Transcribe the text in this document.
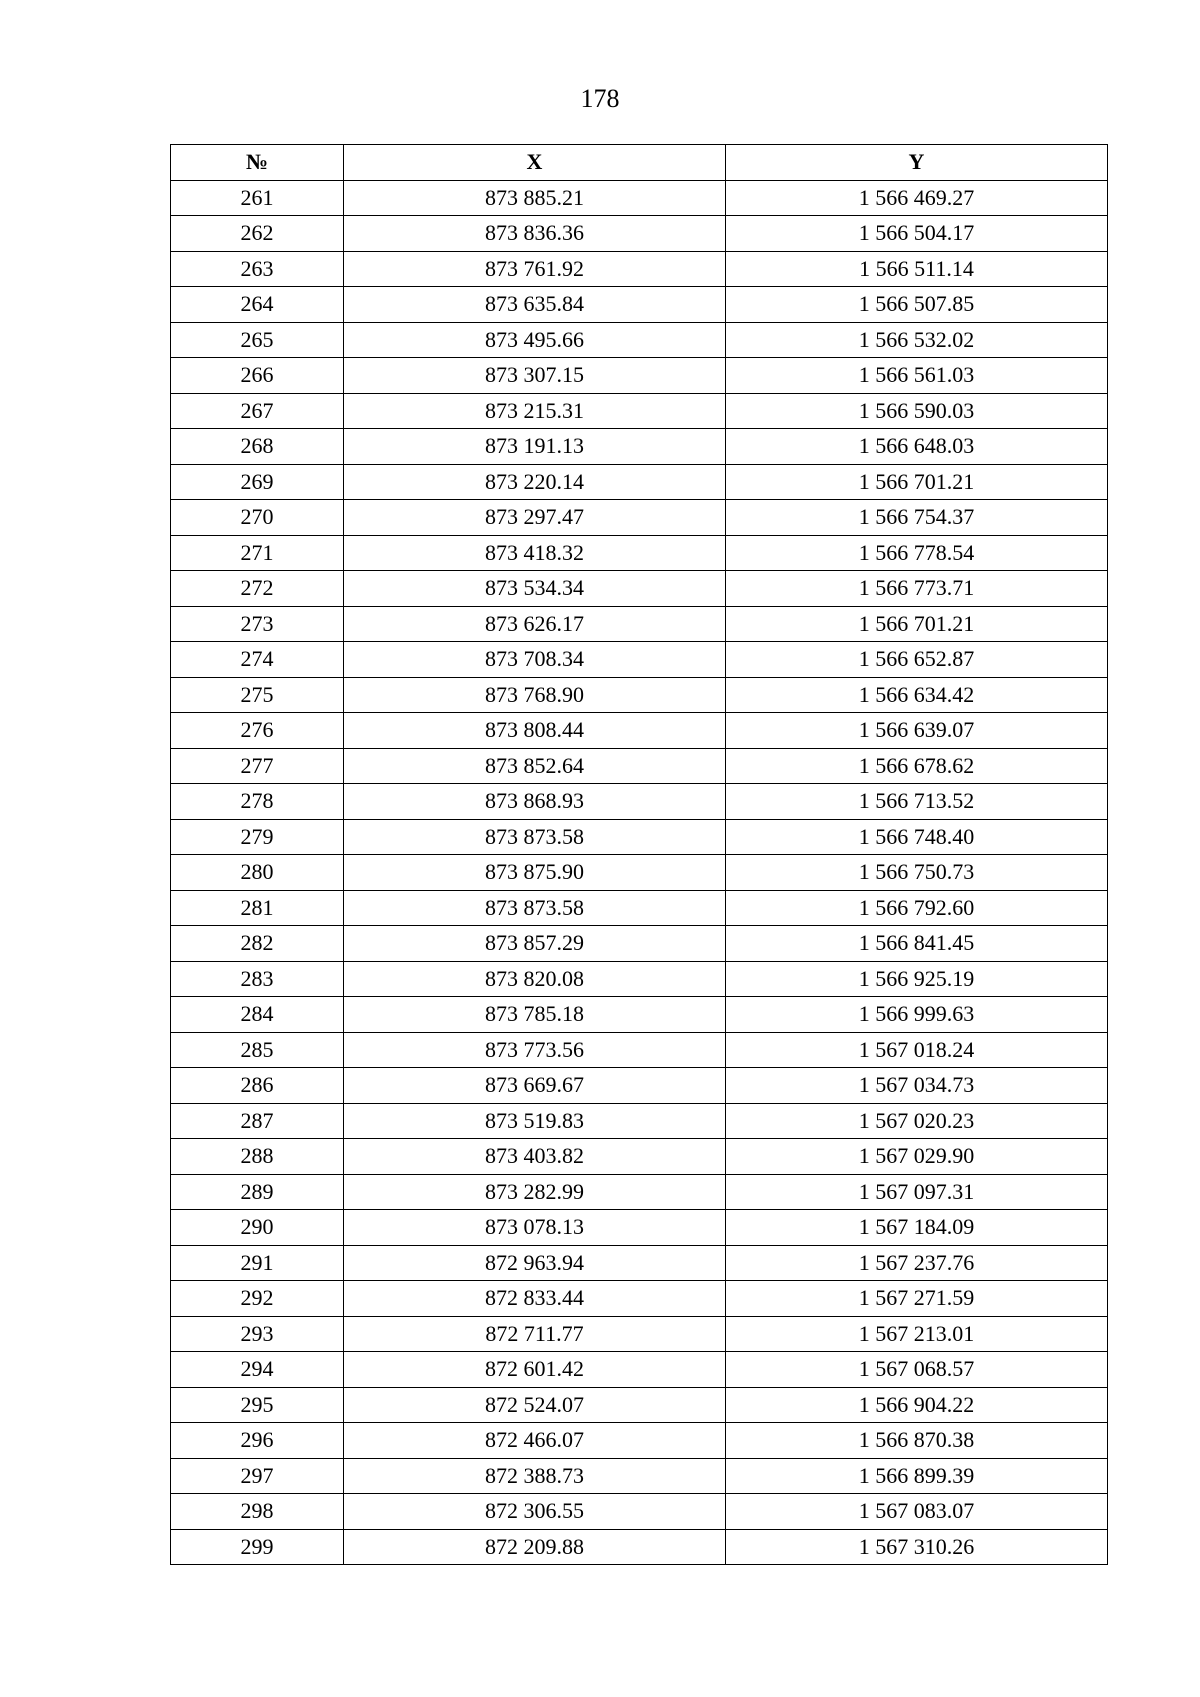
178
№	X	Y
261	873 885.21	1 566 469.27
262	873 836.36	1 566 504.17
263	873 761.92	1 566 511.14
264	873 635.84	1 566 507.85
265	873 495.66	1 566 532.02
266	873 307.15	1 566 561.03
267	873 215.31	1 566 590.03
268	873 191.13	1 566 648.03
269	873 220.14	1 566 701.21
270	873 297.47	1 566 754.37
271	873 418.32	1 566 778.54
272	873 534.34	1 566 773.71
273	873 626.17	1 566 701.21
274	873 708.34	1 566 652.87
275	873 768.90	1 566 634.42
276	873 808.44	1 566 639.07
277	873 852.64	1 566 678.62
278	873 868.93	1 566 713.52
279	873 873.58	1 566 748.40
280	873 875.90	1 566 750.73
281	873 873.58	1 566 792.60
282	873 857.29	1 566 841.45
283	873 820.08	1 566 925.19
284	873 785.18	1 566 999.63
285	873 773.56	1 567 018.24
286	873 669.67	1 567 034.73
287	873 519.83	1 567 020.23
288	873 403.82	1 567 029.90
289	873 282.99	1 567 097.31
290	873 078.13	1 567 184.09
291	872 963.94	1 567 237.76
292	872 833.44	1 567 271.59
293	872 711.77	1 567 213.01
294	872 601.42	1 567 068.57
295	872 524.07	1 566 904.22
296	872 466.07	1 566 870.38
297	872 388.73	1 566 899.39
298	872 306.55	1 567 083.07
299	872 209.88	1 567 310.26
